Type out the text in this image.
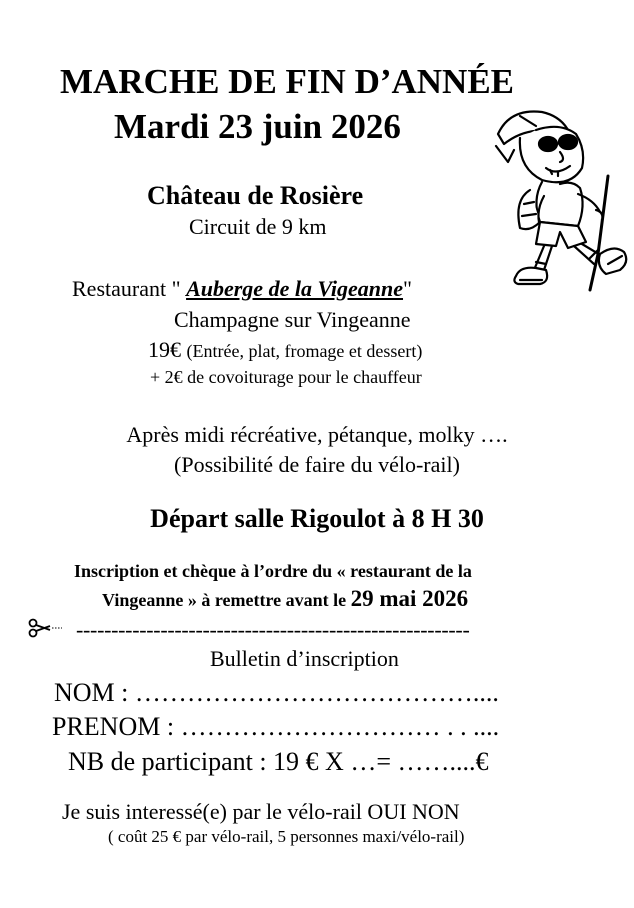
MARCHE DE FIN D’ANNÉE
Mardi 23 juin 2026
Château de Rosière
Circuit de 9 km
Restaurant " Auberge de la Vigeanne"
Champagne sur Vingeanne
19€ (Entrée, plat, fromage et dessert)
+ 2€ de covoiturage pour le chauffeur
Après midi récréative, pétanque, molky ….
(Possibilité de faire du vélo-rail)
Départ salle Rigoulot à 8 H 30
Inscription et chèque à l’ordre du « restaurant de la
Vingeanne » à remettre avant le 29 mai 2026
--------------------------------------------------------
Bulletin d’inscription
NOM : …………………………………....
PRENOM : ………………………… . . ....
NB de participant : 19 € X …= ……....€
Je suis interessé(e) par le vélo-rail OUI NON
( coût 25 € par vélo-rail, 5 personnes maxi/vélo-rail)
